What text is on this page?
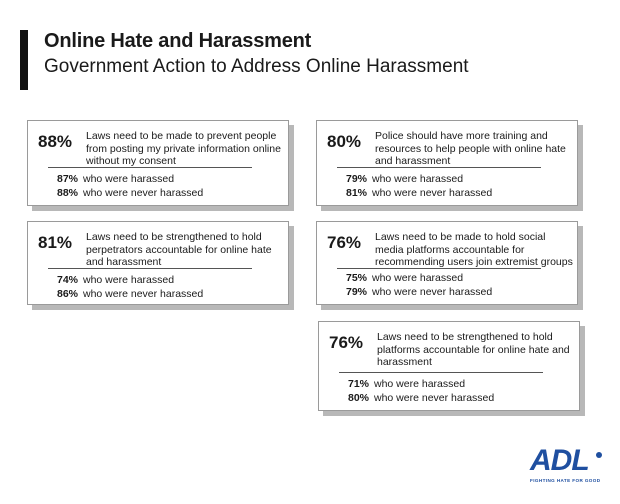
Online Hate and Harassment
Government Action to Address Online Harassment
88% Laws need to be made to prevent people from posting my private information online without my consent
87% who were harassed
88% who were never harassed
81% Laws need to be strengthened to hold perpetrators accountable for online hate and harassment
74% who were harassed
86% who were never harassed
80% Police should have more training and resources to help people with online hate and harassment
79% who were harassed
81% who were never harassed
76% Laws need to be made to hold social media platforms accountable for recommending users join extremist groups
75% who were harassed
79% who were never harassed
76% Laws need to be strengthened to hold platforms accountable for online hate and harassment
71% who were harassed
80% who were never harassed
ADL
FIGHTING HATE FOR GOOD
